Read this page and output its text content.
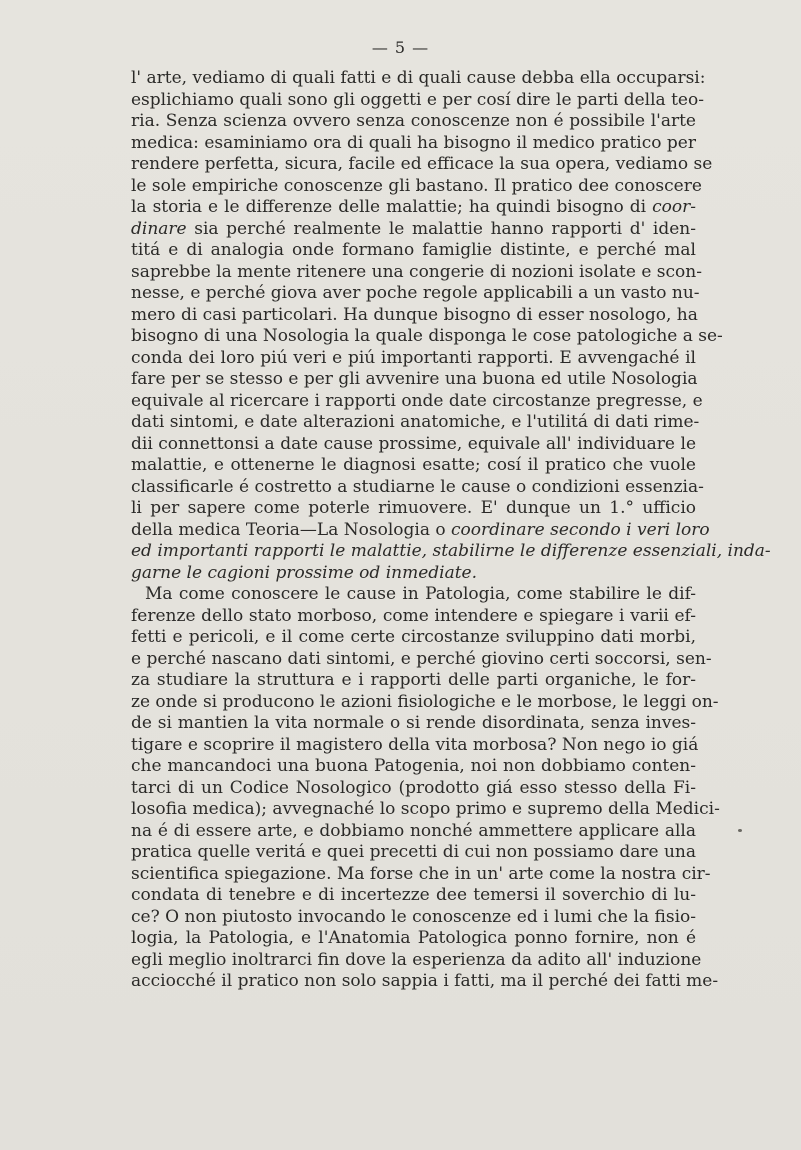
— 5 —
l' arte, vediamo di quali fatti e di quali cause debba ella occuparsi:
esplichiamo quali sono gli oggetti e per cosí dire le parti della teo-
ria. Senza scienza ovvero senza conoscenze non é possibile l'arte
medica: esaminiamo ora di quali ha bisogno il medico pratico per
rendere perfetta, sicura, facile ed efficace la sua opera, vediamo se
le sole empiriche conoscenze gli bastano. Il pratico dee conoscere
la storia e le differenze delle malattie; ha quindi bisogno di coor-
dinare sia perché realmente le malattie hanno rapporti d' iden-
titá e di analogia onde formano famiglie distinte, e perché mal
saprebbe la mente ritenere una congerie di nozioni isolate e scon-
nesse, e perché giova aver poche regole applicabili a un vasto nu-
mero di casi particolari. Ha dunque bisogno di esser nosologo, ha
bisogno di una Nosologia la quale disponga le cose patologiche a se-
conda dei loro piú veri e piú importanti rapporti. E avvengaché il
fare per se stesso e per gli avvenire una buona ed utile Nosologia
equivale al ricercare i rapporti onde date circostanze pregresse, e
dati sintomi, e date alterazioni anatomiche, e l'utilitá di dati rime-
dii connettonsi a date cause prossime, equivale all' individuare le
malattie, e ottenerne le diagnosi esatte; cosí il pratico che vuole
classificarle é costretto a studiarne le cause o condizioni essenzia-
li per sapere come poterle rimuovere. E' dunque un 1.° ufficio
della medica Teoria—La Nosologia o coordinare secondo i veri loro
ed importanti rapporti le malattie, stabilirne le differenze essenziali, inda-
garne le cagioni prossime od inmediate.
Ma come conoscere le cause in Patologia, come stabilire le dif-
ferenze dello stato morboso, come intendere e spiegare i varii ef-
fetti e pericoli, e il come certe circostanze sviluppino dati morbi,
e perché nascano dati sintomi, e perché giovino certi soccorsi, sen-
za studiare la struttura e i rapporti delle parti organiche, le for-
ze onde si producono le azioni fisiologiche e le morbose, le leggi on-
de si mantien la vita normale o si rende disordinata, senza inves-
tigare e scoprire il magistero della vita morbosa? Non nego io giá
che mancandoci una buona Patogenia, noi non dobbiamo conten-
tarci di un Codice Nosologico (prodotto giá esso stesso della Fi-
losofia medica); avvegnaché lo scopo primo e supremo della Medici-
na é di essere arte, e dobbiamo nonché ammettere applicare alla
pratica quelle veritá e quei precetti di cui non possiamo dare una
scientifica spiegazione. Ma forse che in un' arte come la nostra cir-
condata di tenebre e di incertezze dee temersi il soverchio di lu-
ce? O non piutosto invocando le conoscenze ed i lumi che la fisio-
logia, la Patologia, e l'Anatomia Patologica ponno fornire, non é
egli meglio inoltrarci fin dove la esperienza da adito all' induzione
acciocché il pratico non solo sappia i fatti, ma il perché dei fatti me-
